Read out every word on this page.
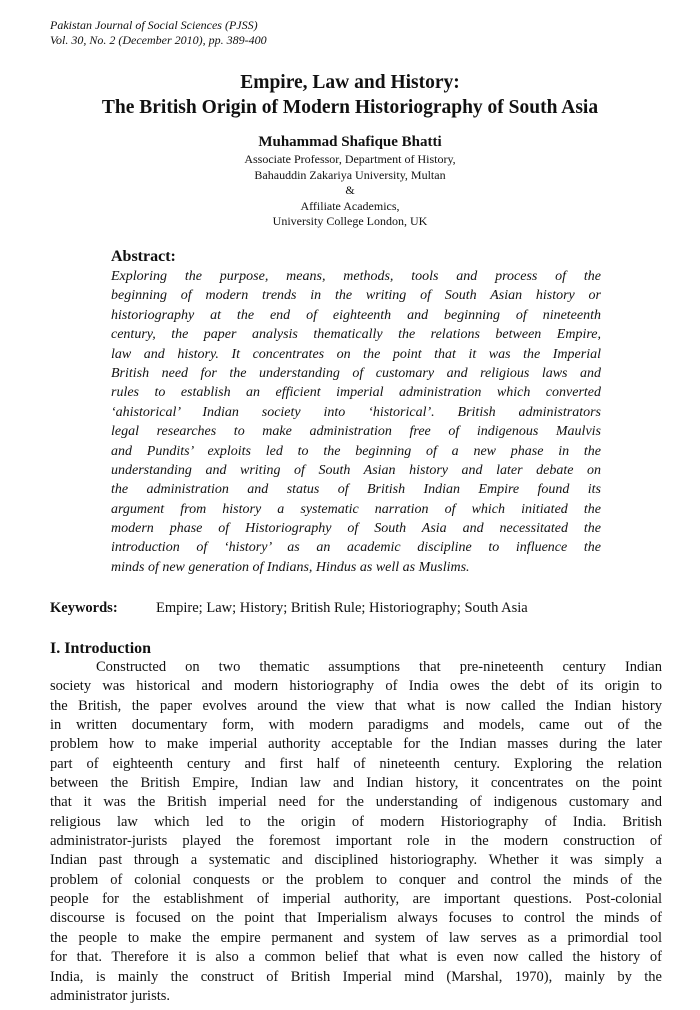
Pakistan Journal of Social Sciences (PJSS)
Vol. 30, No. 2 (December 2010), pp. 389-400
Empire, Law and History:
The British Origin of Modern Historiography of South Asia
Muhammad Shafique Bhatti
Associate Professor, Department of History,
Bahauddin Zakariya University, Multan
&
Affiliate Academics,
University College London, UK
Abstract:
Exploring the purpose, means, methods, tools and process of the
beginning of modern trends in the writing of South Asian history or
historiography at the end of eighteenth and beginning of nineteenth
century, the paper analysis thematically the relations between Empire,
law and history. It concentrates on the point that it was the Imperial
British need for the understanding of customary and religious laws and
rules to establish an efficient imperial administration which converted
‘ahistorical’ Indian society into ‘historical’. British administrators
legal researches to make administration free of indigenous Maulvis
and Pundits’ exploits led to the beginning of a new phase in the
understanding and writing of South Asian history and later debate on
the administration and status of British Indian Empire found its
argument from history a systematic narration of which initiated the
modern phase of Historiography of South Asia and necessitated the
introduction of ‘history’ as an academic discipline to influence the
minds of new generation of Indians, Hindus as well as Muslims.
Keywords:	Empire; Law; History; British Rule; Historiography; South Asia
I. Introduction
Constructed on two thematic assumptions that pre-nineteenth century Indian
society was historical and modern historiography of India owes the debt of its origin to
the British, the paper evolves around the view that what is now called the Indian history
in written documentary form, with modern paradigms and models, came out of the
problem how to make imperial authority acceptable for the Indian masses during the later
part of eighteenth century and first half of nineteenth century. Exploring the relation
between the British Empire, Indian law and Indian history, it concentrates on the point
that it was the British imperial need for the understanding of indigenous customary and
religious law which led to the origin of modern Historiography of India. British
administrator-jurists played the foremost important role in the modern construction of
Indian past through a systematic and disciplined historiography. Whether it was simply a
problem of colonial conquests or the problem to conquer and control the minds of the
people for the establishment of imperial authority, are important questions. Post-colonial
discourse is focused on the point that Imperialism always focuses to control the minds of
the people to make the empire permanent and system of law serves as a primordial tool
for that. Therefore it is also a common belief that what is even now called the history of
India, is mainly the construct of British Imperial mind (Marshal, 1970), mainly by the
administrator jurists.
